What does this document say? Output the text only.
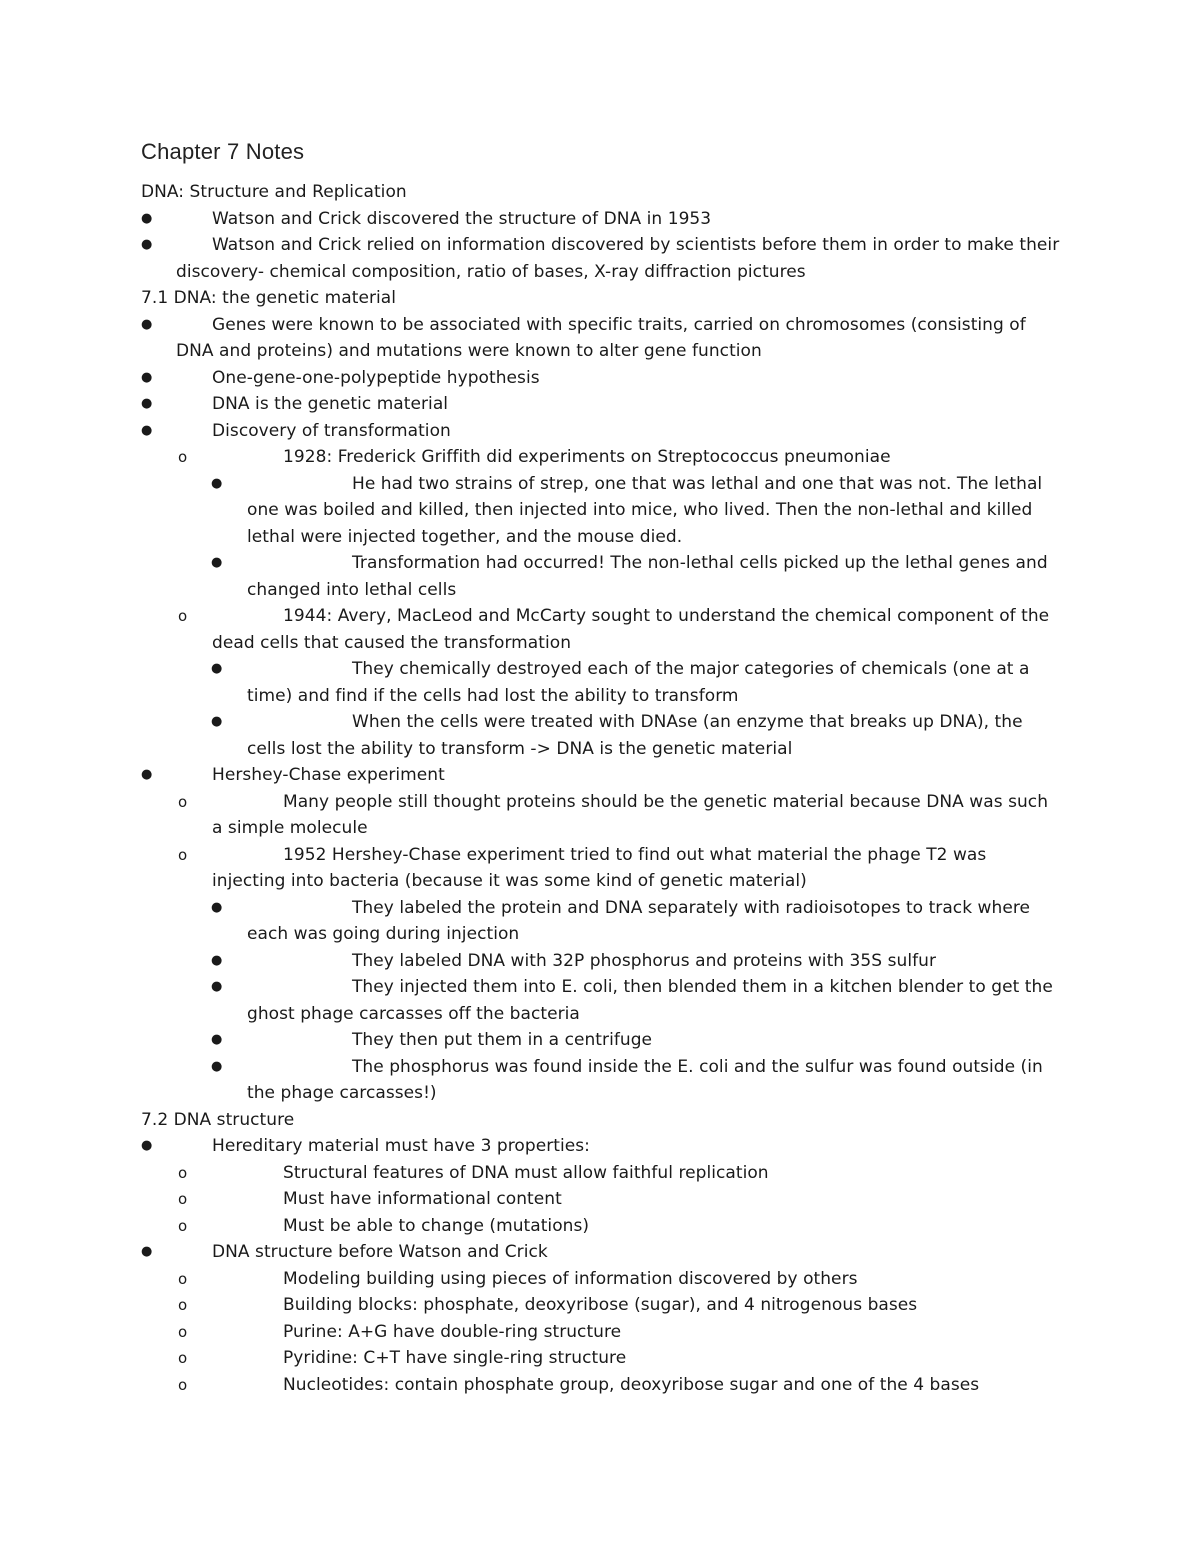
Chapter 7 Notes
DNA: Structure and Replication
●	Watson and Crick discovered the structure of DNA in 1953
●	Watson and Crick relied on information discovered by scientists before them in order to make their discovery- chemical composition, ratio of bases, X-ray diffraction pictures
7.1 DNA: the genetic material
●	Genes were known to be associated with specific traits, carried on chromosomes (consisting of DNA and proteins) and mutations were known to alter gene function
●	One-gene-one-polypeptide hypothesis
●	DNA is the genetic material
●	Discovery of transformation
o	1928: Frederick Griffith did experiments on Streptococcus pneumoniae
●	He had two strains of strep, one that was lethal and one that was not. The lethal one was boiled and killed, then injected into mice, who lived. Then the non-lethal and killed lethal were injected together, and the mouse died.
●	Transformation had occurred! The non-lethal cells picked up the lethal genes and changed into lethal cells
o	1944: Avery, MacLeod and McCarty sought to understand the chemical component of the dead cells that caused the transformation
●	They chemically destroyed each of the major categories of chemicals (one at a time) and find if the cells had lost the ability to transform
●	When the cells were treated with DNAse (an enzyme that breaks up DNA), the cells lost the ability to transform -> DNA is the genetic material
●	Hershey-Chase experiment
o	Many people still thought proteins should be the genetic material because DNA was such a simple molecule
o	1952 Hershey-Chase experiment tried to find out what material the phage T2 was injecting into bacteria (because it was some kind of genetic material)
●	They labeled the protein and DNA separately with radioisotopes to track where each was going during injection
●	They labeled DNA with 32P phosphorus and proteins with 35S sulfur
●	They injected them into E. coli, then blended them in a kitchen blender to get the ghost phage carcasses off the bacteria
●	They then put them in a centrifuge
●	The phosphorus was found inside the E. coli and the sulfur was found outside (in the phage carcasses!)
7.2 DNA structure
●	Hereditary material must have 3 properties:
o	Structural features of DNA must allow faithful replication
o	Must have informational content
o	Must be able to change (mutations)
●	DNA structure before Watson and Crick
o	Modeling building using pieces of information discovered by others
o	Building blocks: phosphate, deoxyribose (sugar), and 4 nitrogenous bases
o	Purine: A+G have double-ring structure
o	Pyridine: C+T have single-ring structure
o	Nucleotides: contain phosphate group, deoxyribose sugar and one of the 4 bases
